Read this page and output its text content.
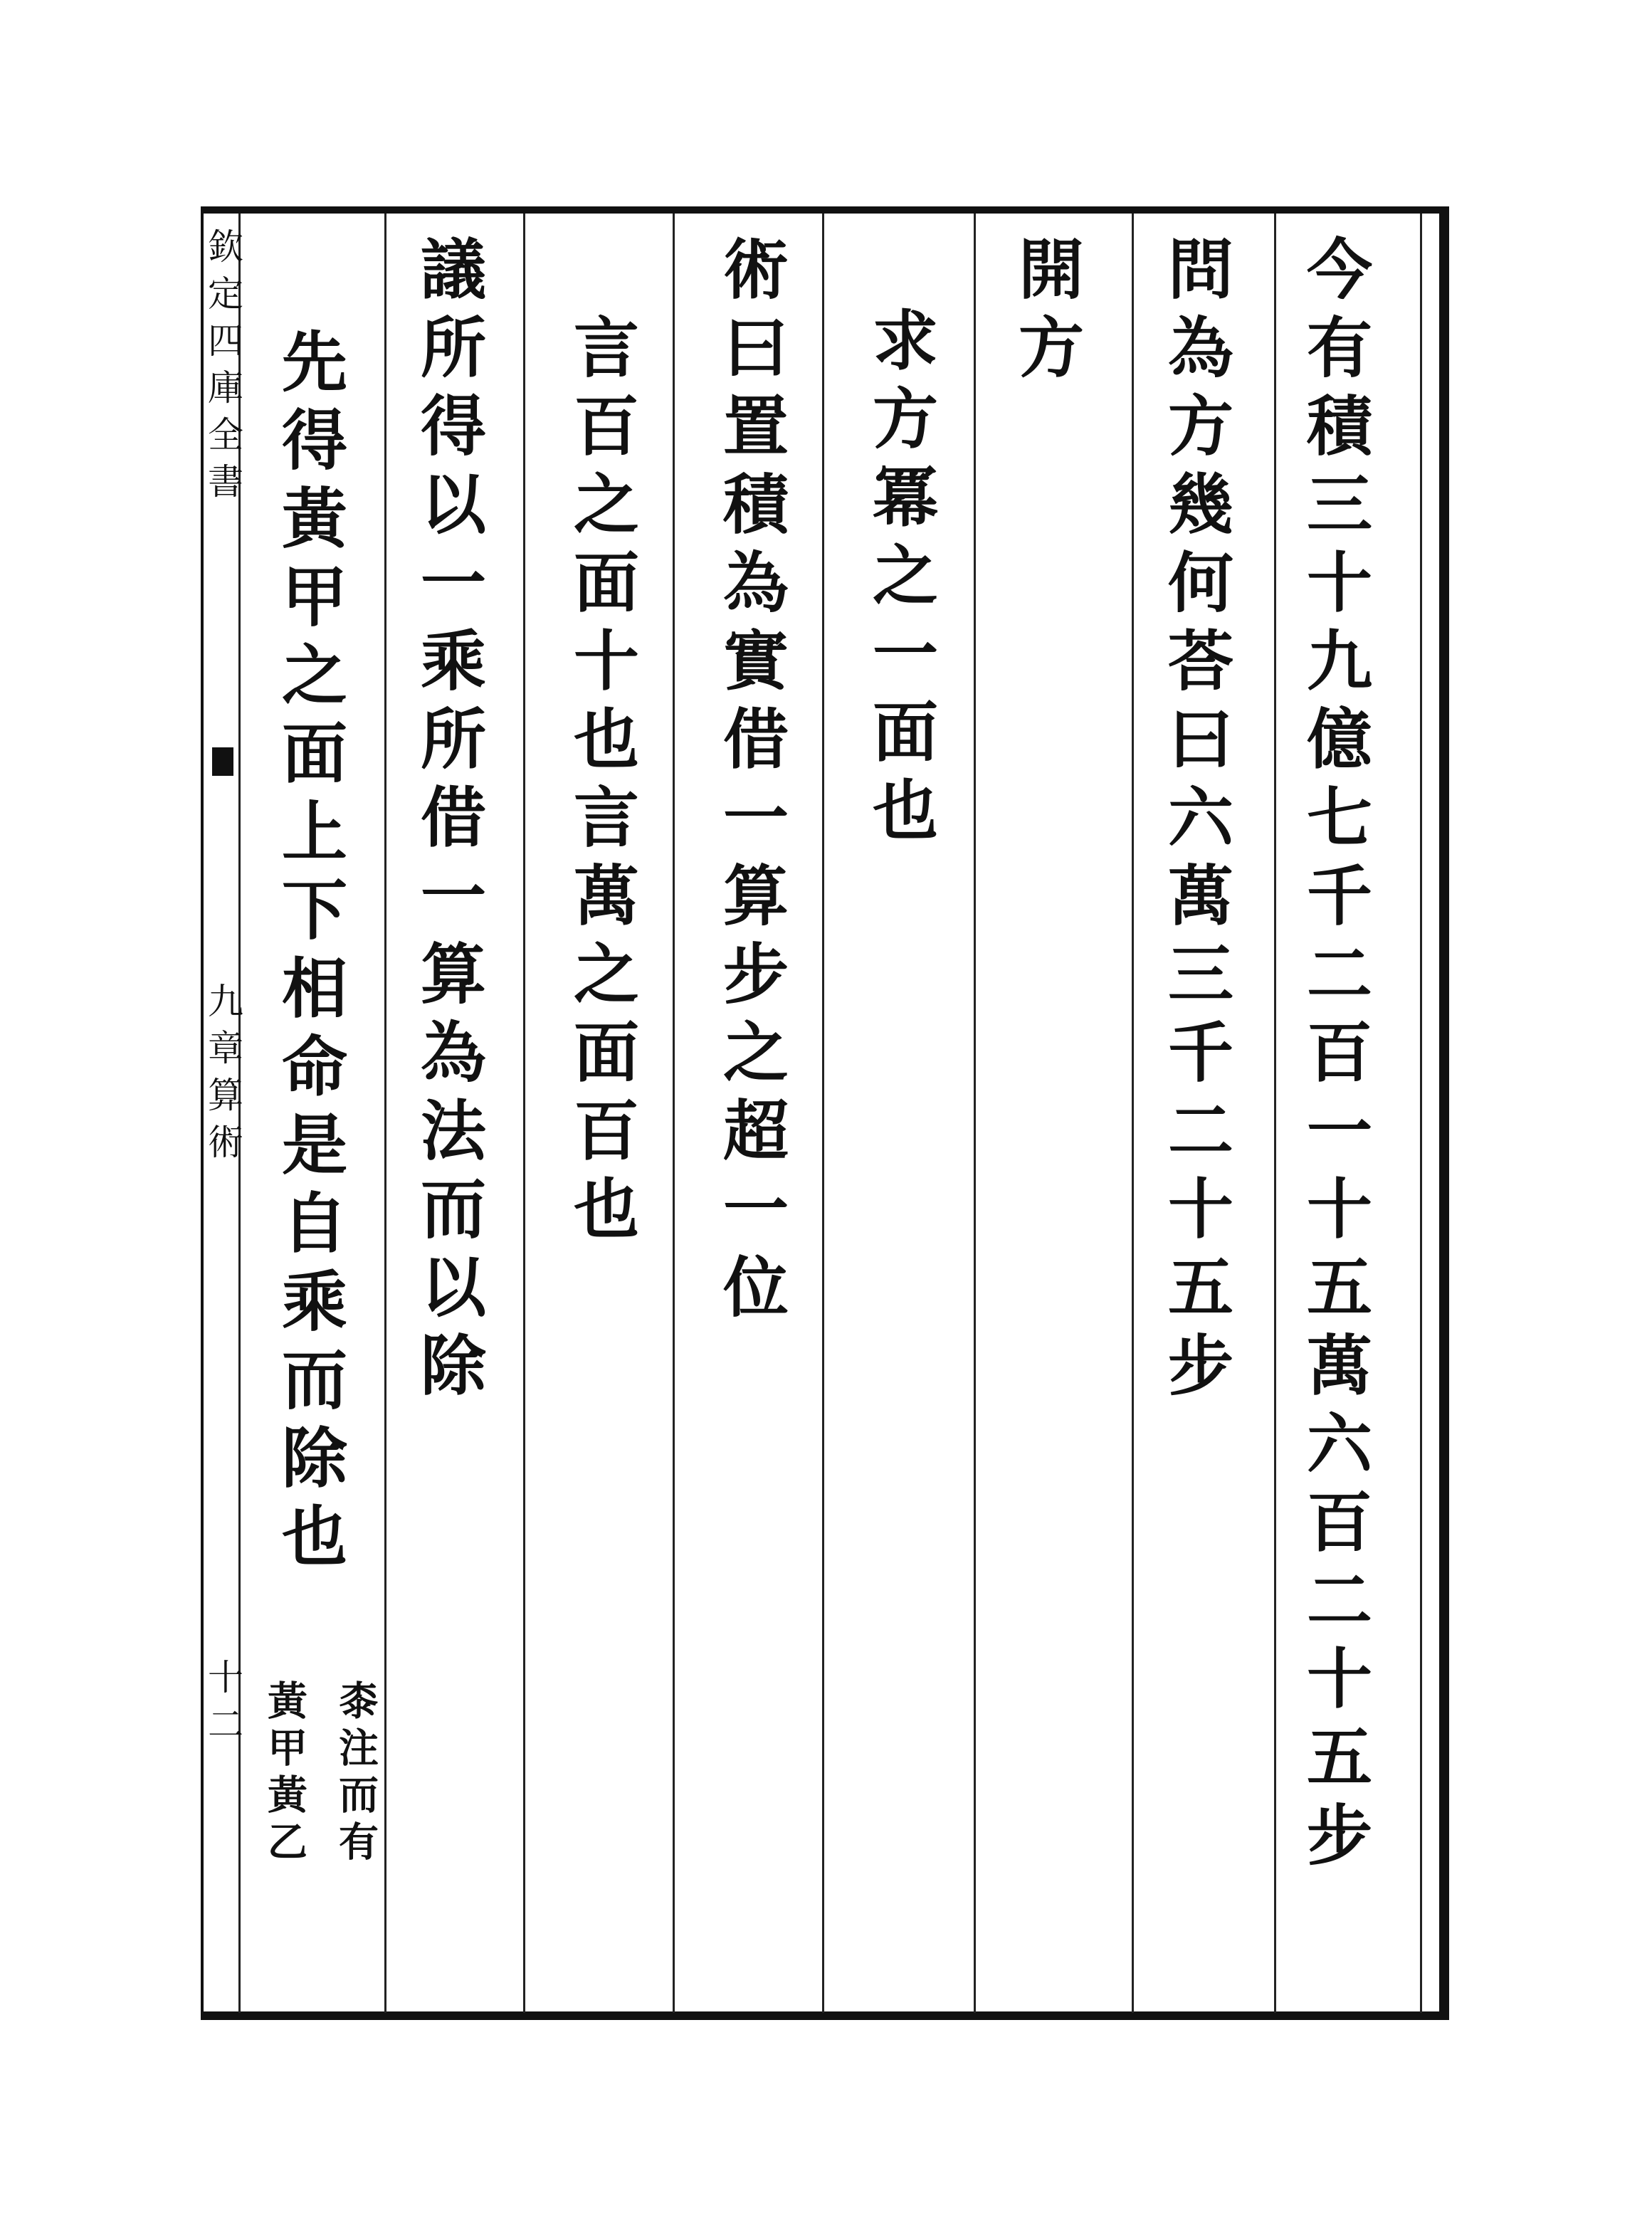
今有積三十九億七千二百一十五萬六百二十五步
問為方幾何荅曰六萬三千二十五步
開方
求方冪之一面也
術曰置積為實借一算步之超一位
言百之面十也言萬之面百也
議所得以一乘所借一算為法而以除
先得黃甲之面上下相命是自乘而除也
桼注而有
黃甲黃乙
欽定四庫全書
九章算術
十二
